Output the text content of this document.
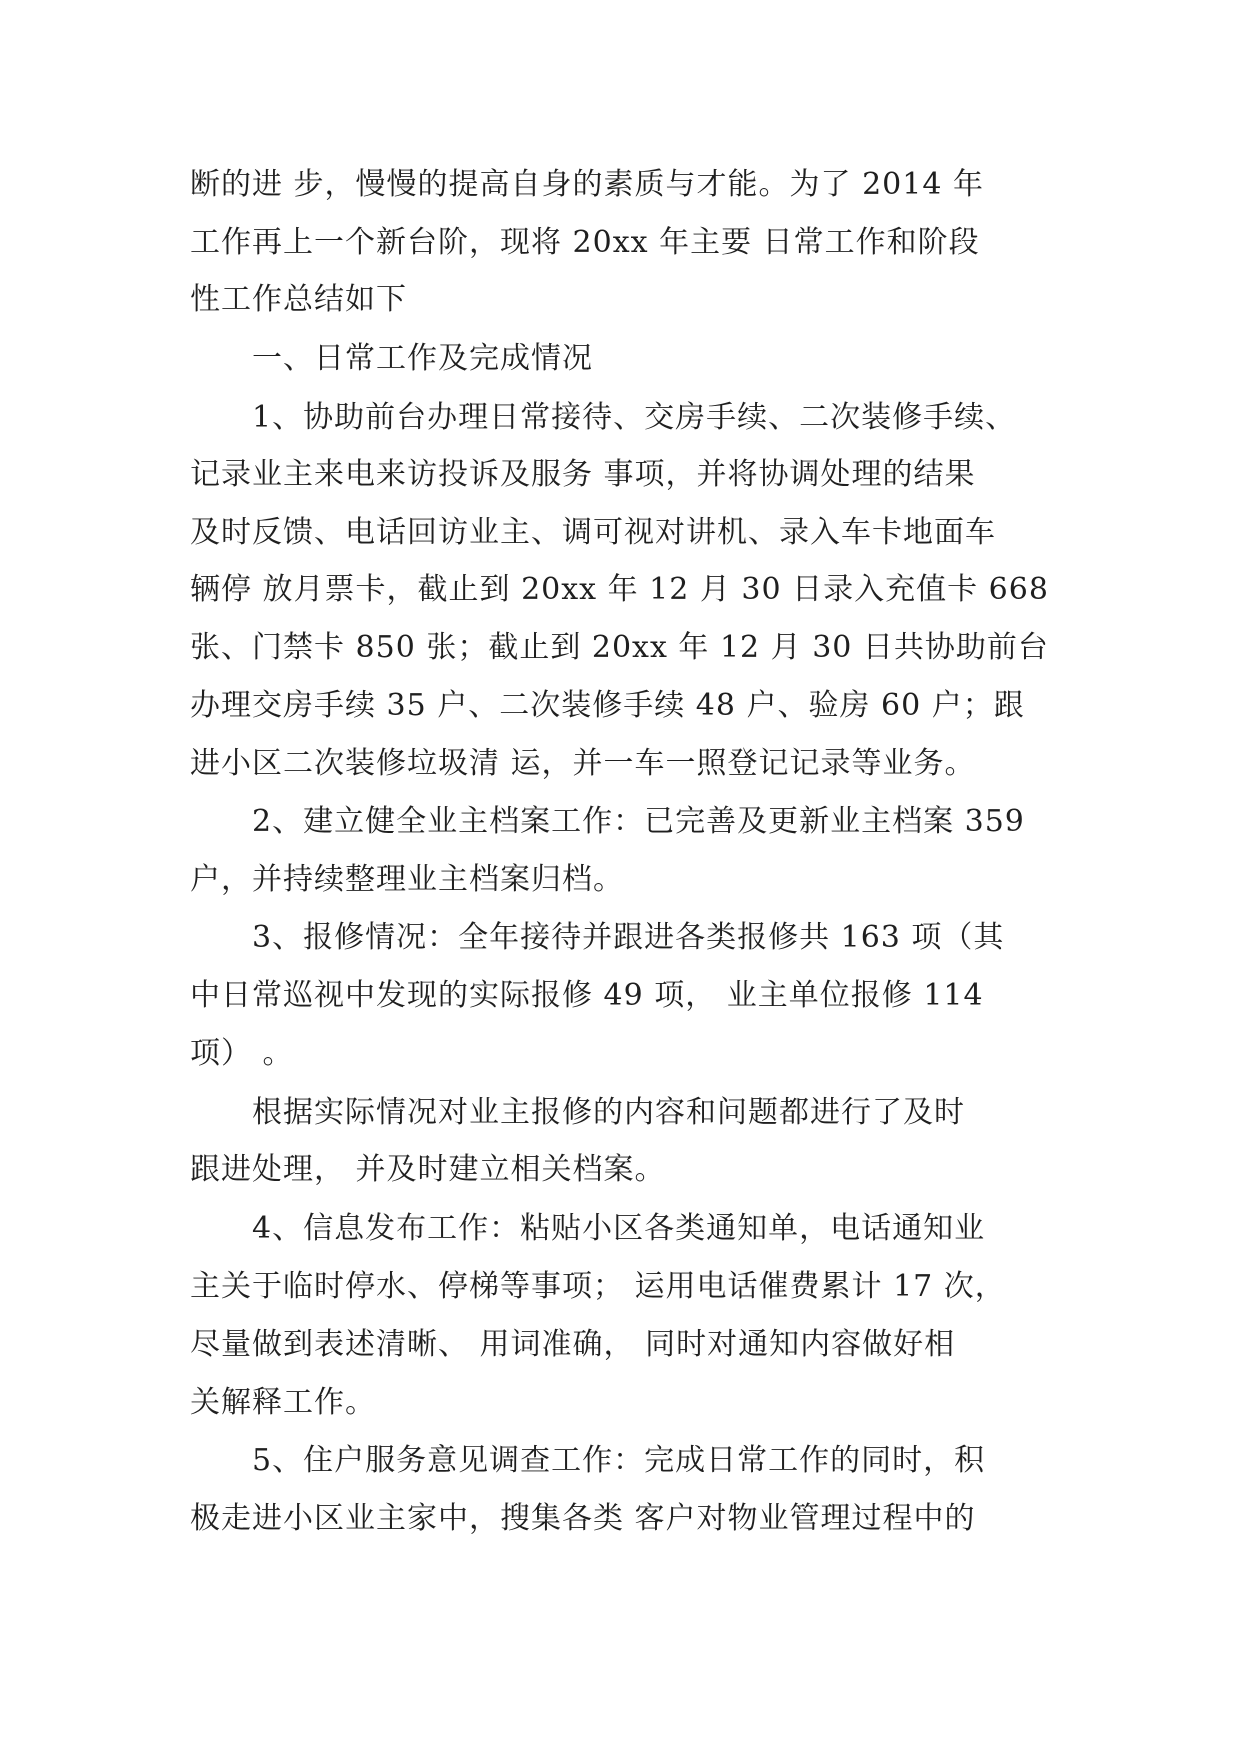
断的进 步，慢慢的提高自身的素质与才能。为了 2014 年
工作再上一个新台阶，现将 20xx 年主要 日常工作和阶段
性工作总结如下
一、日常工作及完成情况
1、协助前台办理日常接待、交房手续、二次装修手续、
记录业主来电来访投诉及服务 事项，并将协调处理的结果
及时反馈、电话回访业主、调可视对讲机、录入车卡地面车
辆停 放月票卡，截止到 20xx 年 12 月 30 日录入充值卡 668
张、门禁卡 850 张；截止到 20xx 年 12 月 30 日共协助前台
办理交房手续 35 户、二次装修手续 48 户、验房 60 户；跟
进小区二次装修垃圾清 运，并一车一照登记记录等业务。
2、建立健全业主档案工作：已完善及更新业主档案 359
户，并持续整理业主档案归档。
3、报修情况：全年接待并跟进各类报修共 163 项（其
中日常巡视中发现的实际报修 49 项， 业主单位报修 114
项） 。
根据实际情况对业主报修的内容和问题都进行了及时
跟进处理， 并及时建立相关档案。
4、信息发布工作：粘贴小区各类通知单，电话通知业
主关于临时停水、停梯等事项； 运用电话催费累计 17 次，
尽量做到表述清晰、 用词准确， 同时对通知内容做好相
关解释工作。
5、住户服务意见调查工作：完成日常工作的同时，积
极走进小区业主家中，搜集各类 客户对物业管理过程中的
